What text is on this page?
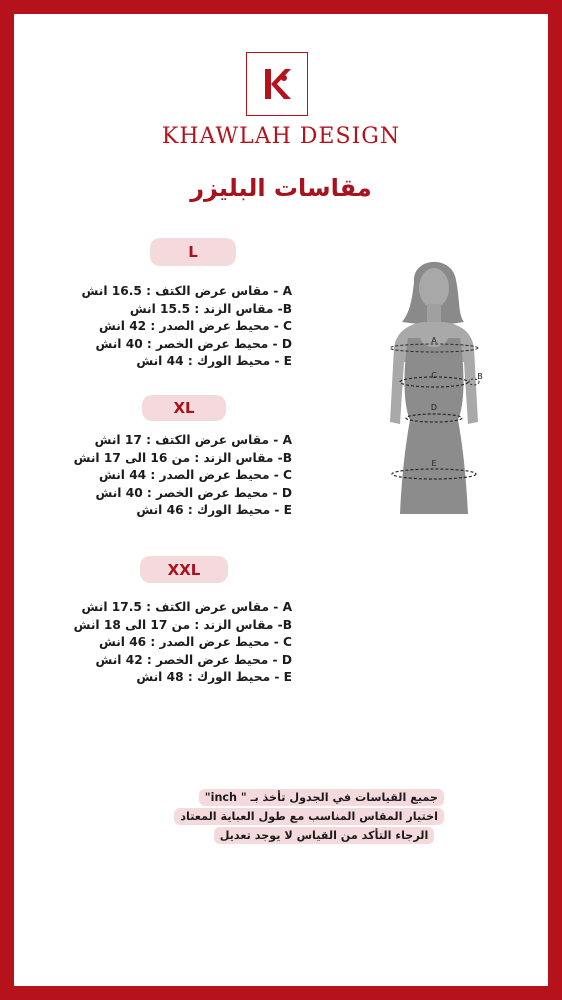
KHAWLAH DESIGN
مقاسات البليزر
L
A - مقاس عرض الكتف : 16.5 انش
B- مقاس الزند : 15.5 انش
C - محيط عرض الصدر : 42 انش
D - محيط عرض الخصر : 40 انش
E - محيط الورك : 44 انش
XL
A - مقاس عرض الكتف : 17 انش
B- مقاس الزند : من 16 الى 17 انش
C - محيط عرض الصدر : 44 انش
D - محيط عرض الخصر : 40 انش
E - محيط الورك : 46 انش
XXL
A - مقاس عرض الكتف : 17.5 انش
B- مقاس الزند : من 17 الى 18 انش
C - محيط عرض الصدر : 46 انش
D - محيط عرض الخصر : 42 انش
E - محيط الورك : 48 انش
A
C	B
D
E
جميع القياسات في الجدول تأخذ بـ " inch"
اختيار المقاس المناسب مع طول العباية المعتاد
الرجاء التأكد من القياس لا يوجد تعديل
